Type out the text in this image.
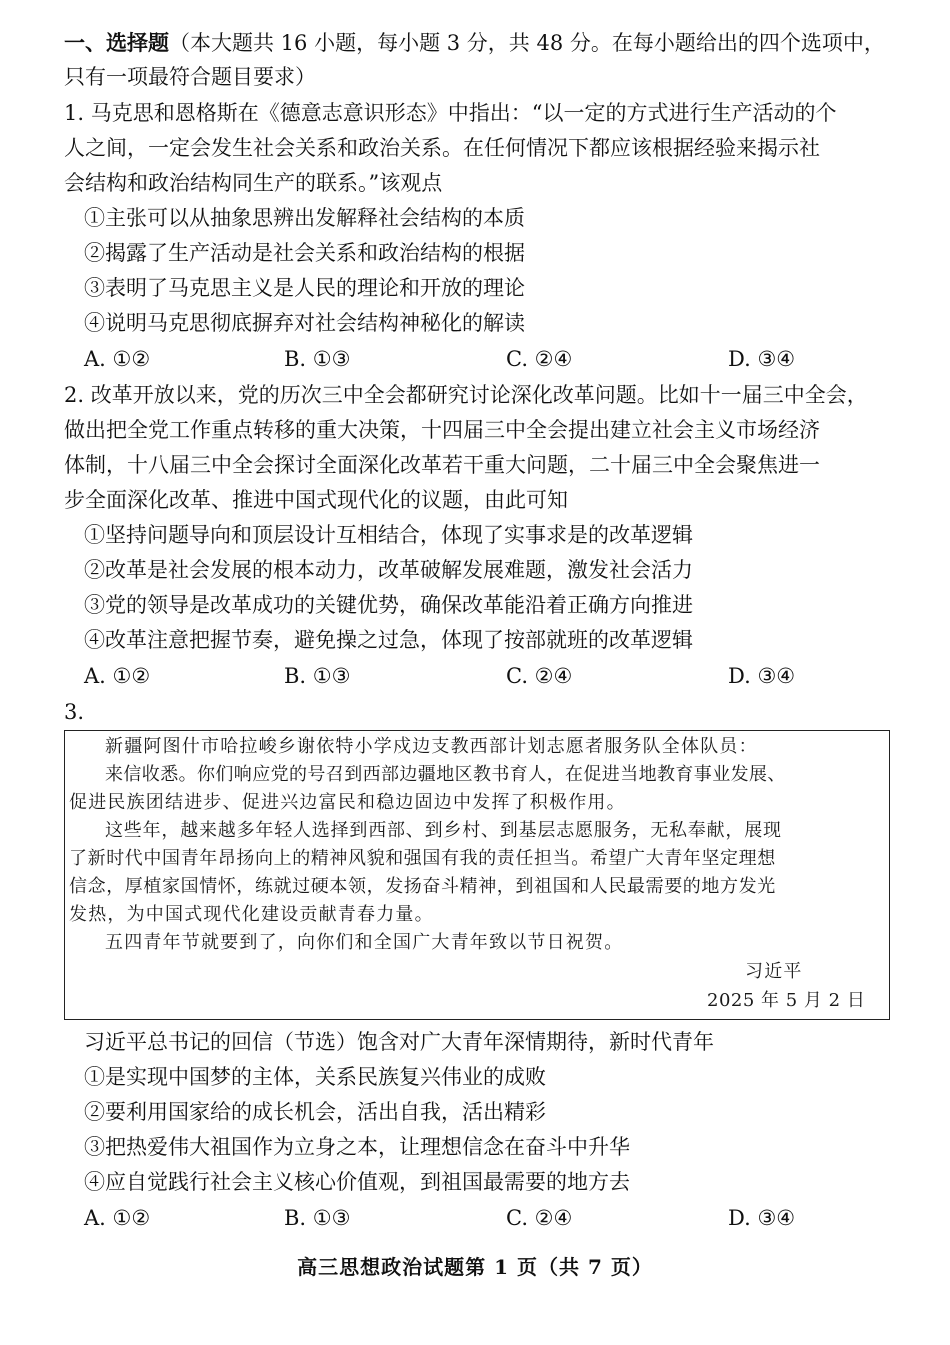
一、选择题（本大题共 16 小题，每小题 3 分，共 48 分。在每小题给出的四个选项中，
只有一项最符合题目要求）
1. 马克思和恩格斯在《德意志意识形态》中指出：“以一定的方式进行生产活动的个
人之间，一定会发生社会关系和政治关系。在任何情况下都应该根据经验来揭示社
会结构和政治结构同生产的联系。”该观点
①主张可以从抽象思辨出发解释社会结构的本质
②揭露了生产活动是社会关系和政治结构的根据
③表明了马克思主义是人民的理论和开放的理论
④说明马克思彻底摒弃对社会结构神秘化的解读
A. ①②	B. ①③	C. ②④	D. ③④
2. 改革开放以来，党的历次三中全会都研究讨论深化改革问题。比如十一届三中全会，
做出把全党工作重点转移的重大决策，十四届三中全会提出建立社会主义市场经济
体制，十八届三中全会探讨全面深化改革若干重大问题，二十届三中全会聚焦进一
步全面深化改革、推进中国式现代化的议题，由此可知
①坚持问题导向和顶层设计互相结合，体现了实事求是的改革逻辑
②改革是社会发展的根本动力，改革破解发展难题，激发社会活力
③党的领导是改革成功的关键优势，确保改革能沿着正确方向推进
④改革注意把握节奏，避免操之过急，体现了按部就班的改革逻辑
A. ①②	B. ①③	C. ②④	D. ③④
3.
新疆阿图什市哈拉峻乡谢依特小学戍边支教西部计划志愿者服务队全体队员：
来信收悉。你们响应党的号召到西部边疆地区教书育人，在促进当地教育事业发展、
促进民族团结进步、促进兴边富民和稳边固边中发挥了积极作用。
这些年，越来越多年轻人选择到西部、到乡村、到基层志愿服务，无私奉献，展现
了新时代中国青年昂扬向上的精神风貌和强国有我的责任担当。希望广大青年坚定理想
信念，厚植家国情怀，练就过硬本领，发扬奋斗精神，到祖国和人民最需要的地方发光
发热，为中国式现代化建设贡献青春力量。
五四青年节就要到了，向你们和全国广大青年致以节日祝贺。
习近平
2025 年 5 月 2 日
习近平总书记的回信（节选）饱含对广大青年深情期待，新时代青年
①是实现中国梦的主体，关系民族复兴伟业的成败
②要利用国家给的成长机会，活出自我，活出精彩
③把热爱伟大祖国作为立身之本，让理想信念在奋斗中升华
④应自觉践行社会主义核心价值观，到祖国最需要的地方去
A. ①②	B. ①③	C. ②④	D. ③④
高三思想政治试题第 1 页（共 7 页）
